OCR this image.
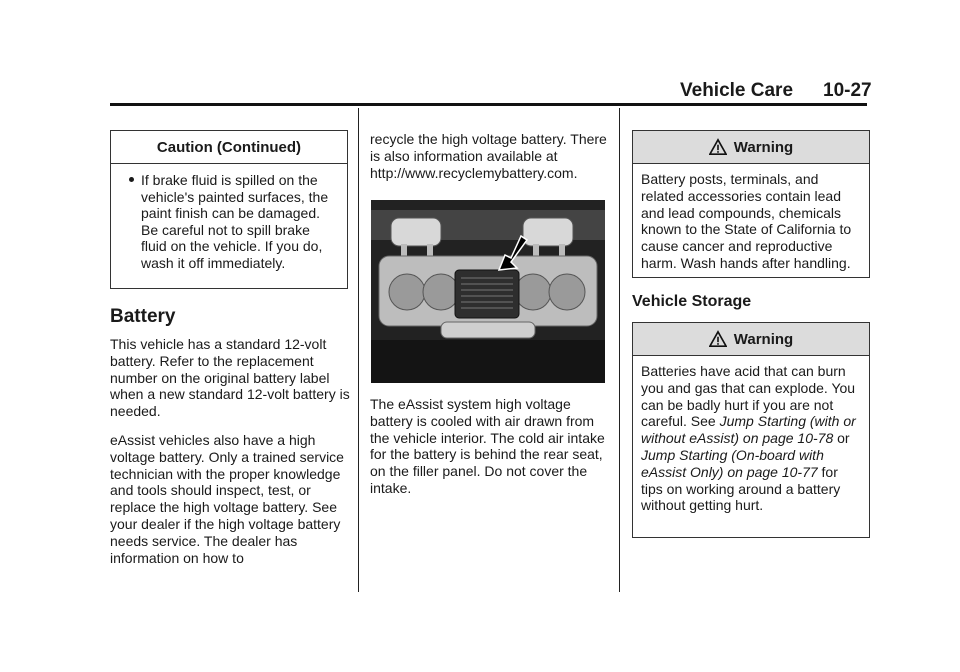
Vehicle Care 10-27
Caution (Continued)
If brake fluid is spilled on the vehicle's painted surfaces, the paint finish can be damaged. Be careful not to spill brake fluid on the vehicle. If you do, wash it off immediately.
Battery

This vehicle has a standard 12-volt battery. Refer to the replacement number on the original battery label when a new standard 12-volt battery is needed.

eAssist vehicles also have a high voltage battery. Only a trained service technician with the proper knowledge and tools should inspect, test, or replace the high voltage battery. See your dealer if the high voltage battery needs service. The dealer has information on how to

recycle the high voltage battery. There is also information available at http://www.recyclemybattery.com.

The eAssist system high voltage battery is cooled with air drawn from the vehicle interior. The cold air intake for the battery is behind the rear seat, on the filler panel. Do not cover the intake.

Warning
Battery posts, terminals, and related accessories contain lead and lead compounds, chemicals known to the State of California to cause cancer and reproductive harm. Wash hands after handling.
Vehicle Storage
Warning
Batteries have acid that can burn you and gas that can explode. You can be badly hurt if you are not careful. See Jump Starting (with or without eAssist) on page 10-78 or Jump Starting (On-board with eAssist Only) on page 10-77 for tips on working around a battery without getting hurt.
